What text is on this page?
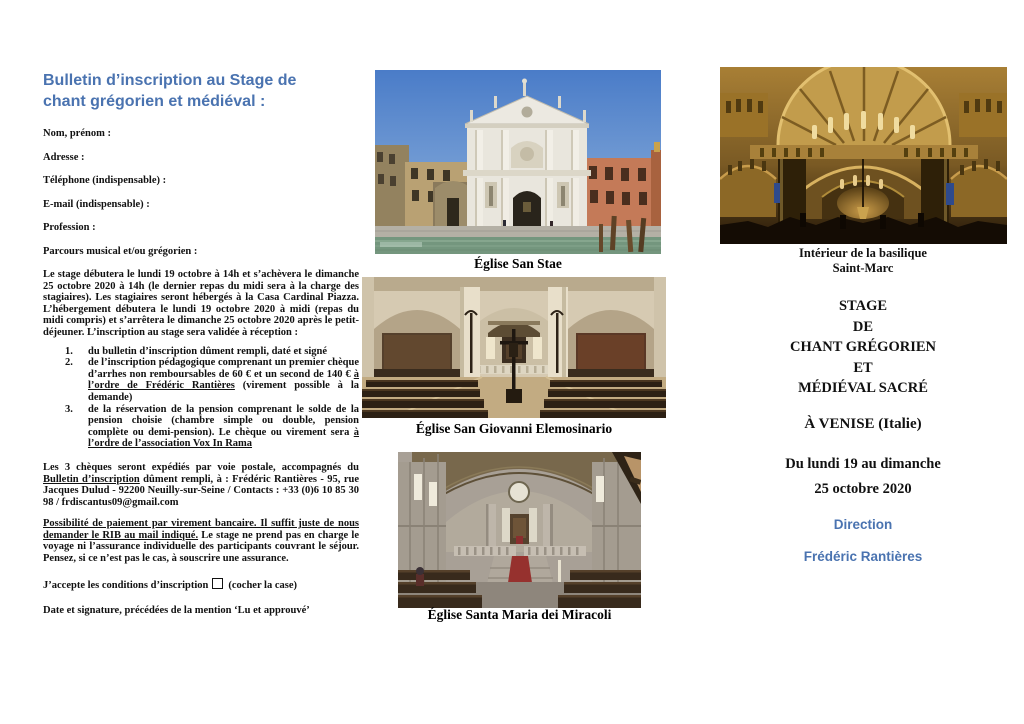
Bulletin d’inscription au Stage de
chant grégorien et médiéval :
Nom, prénom :
Adresse :
Téléphone (indispensable) :
E-mail (indispensable) :
Profession :
Parcours musical et/ou grégorien :
Le stage débutera le lundi 19 octobre à 14h et s’achèvera le dimanche 25 octobre 2020 à 14h (le dernier repas du midi sera à la charge des stagiaires). Les stagiaires seront hébergés à la Casa Cardinal Piazza. L’hébergement débutera le lundi 19 octobre 2020 à midi (repas du midi compris) et s’arrêtera le dimanche 25 octobre 2020 après le petit-déjeuner. L’inscription au stage sera validée à réception :
1.	du bulletin d’inscription dûment rempli, daté et signé
2.	de l’inscription pédagogique comprenant un premier chèque d’arrhes non remboursables de 60 € et un second de 140 € à l’ordre de Frédéric Rantières (virement possible à la demande)
3.	de la réservation de la pension comprenant le solde de la pension choisie (chambre simple ou double, pension complète ou demi-pension). Le chèque ou virement sera à l’ordre de l’association Vox In Rama
Les 3 chèques seront expédiés par voie postale, accompagnés du Bulletin d’inscription dûment rempli, à : Frédéric Rantières - 95, rue Jacques Dulud - 92200 Neuilly-sur-Seine / Contacts : +33 (0)6 10 85 30 98 / frdiscantus09@gmail.com
Possibilité de paiement par virement bancaire. Il suffit juste de nous demander le RIB au mail indiqué. Le stage ne prend pas en charge le voyage ni l’assurance individuelle des participants couvrant le séjour. Pensez, si ce n’est pas le cas, à souscrire une assurance.
J’accepte les conditions d’inscription (cocher la case)
Date et signature, précédées de la mention ‘Lu et approuvé’
Église San Stae
Église San Giovanni Elemosinario
Église Santa Maria dei Miracoli
Intérieur de la basilique
Saint-Marc
STAGE
DE
CHANT GRÉGORIEN
ET
MÉDIÉVAL SACRÉ
À VENISE (Italie)
Du lundi 19 au dimanche
25 octobre 2020
Direction
Frédéric Rantières
